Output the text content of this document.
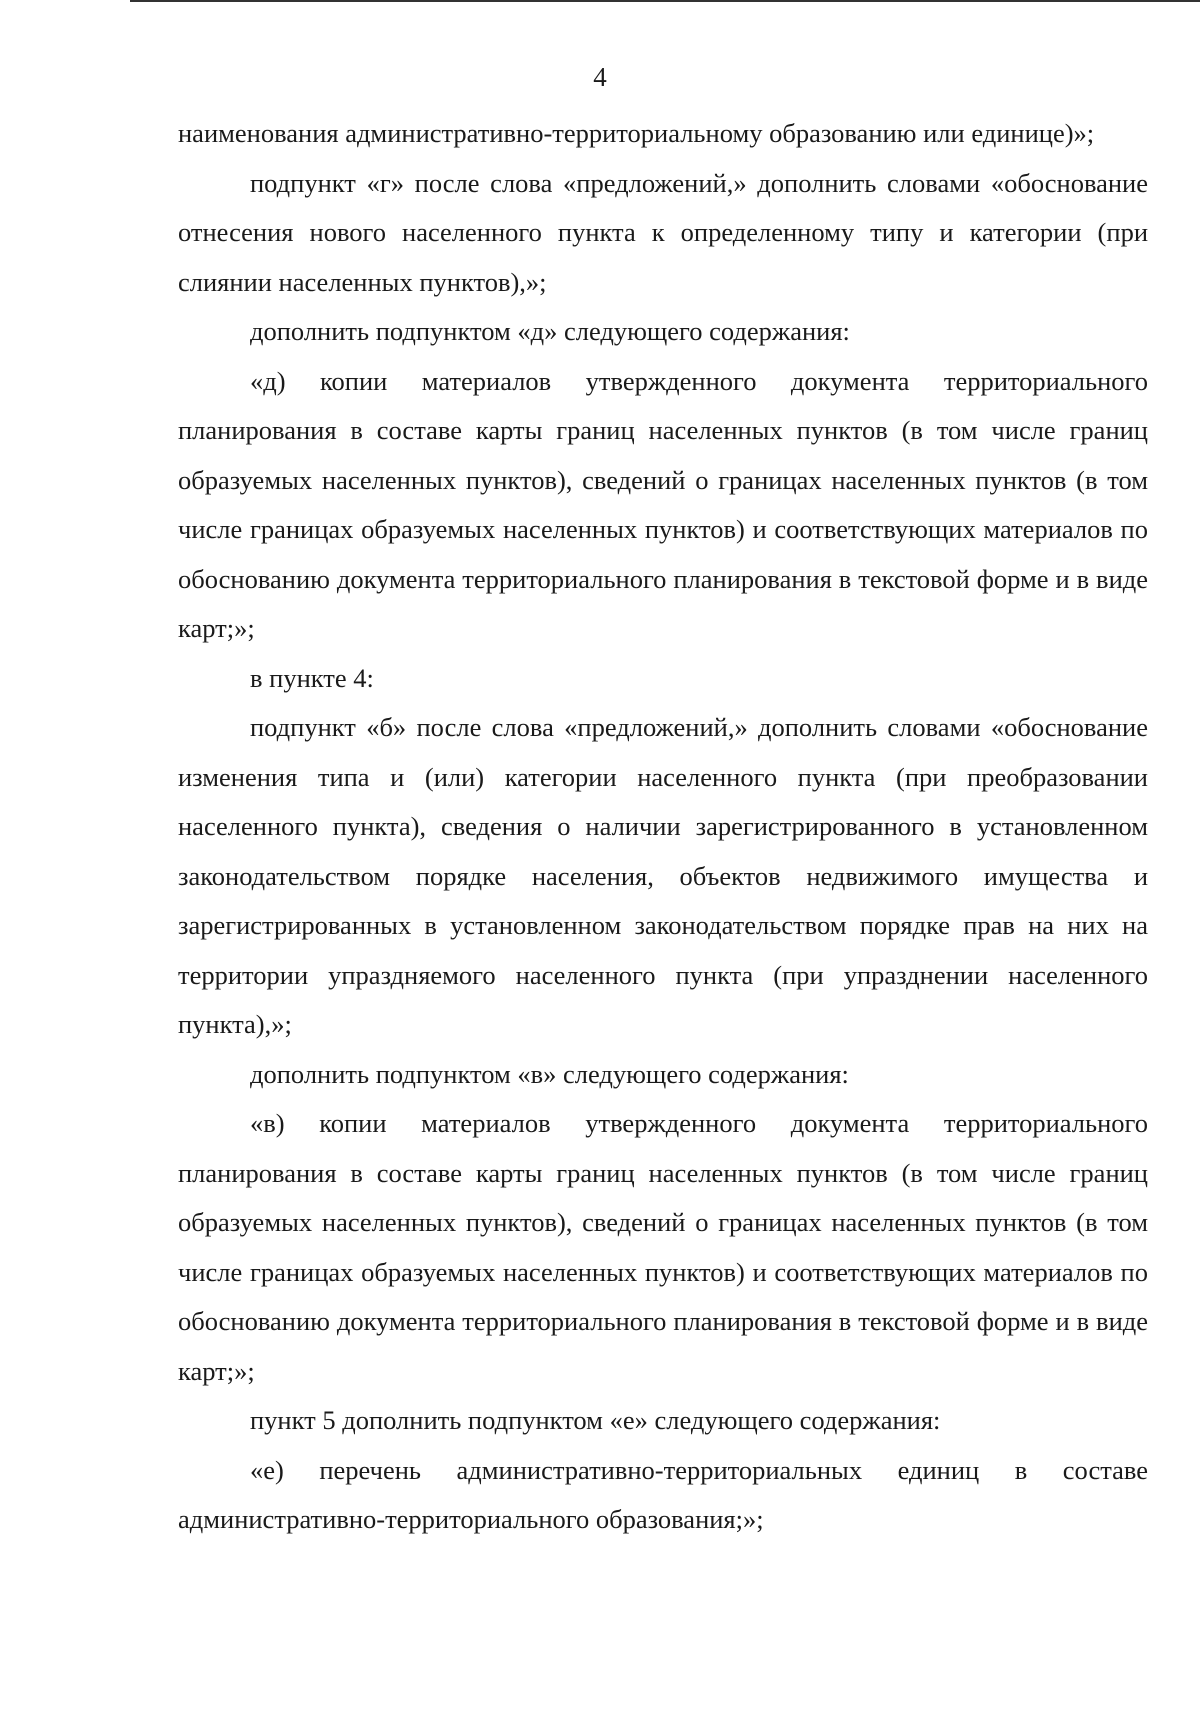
4

наименования административно-территориальному образованию или единице)»;

подпункт «г» после слова «предложений,» дополнить словами «обоснование отнесения нового населенного пункта к определенному типу и категории (при слиянии населенных пунктов),»;

дополнить подпунктом «д» следующего содержания:

«д) копии материалов утвержденного документа территориального планирования в составе карты границ населенных пунктов (в том числе границ образуемых населенных пунктов), сведений о границах населенных пунктов (в том числе границах образуемых населенных пунктов) и соответствующих материалов по обоснованию документа территориального планирования в текстовой форме и в виде карт;»;

в пункте 4:

подпункт «б» после слова «предложений,» дополнить словами «обоснование изменения типа и (или) категории населенного пункта (при преобразовании населенного пункта), сведения о наличии зарегистрированного в установленном законодательством порядке населения, объектов недвижимого имущества и зарегистрированных в установленном законодательством порядке прав на них на территории упраздняемого населенного пункта (при упразднении населенного пункта),»;

дополнить подпунктом «в» следующего содержания:

«в) копии материалов утвержденного документа территориального планирования в составе карты границ населенных пунктов (в том числе границ образуемых населенных пунктов), сведений о границах населенных пунктов (в том числе границах образуемых населенных пунктов) и соответствующих материалов по обоснованию документа территориального планирования в текстовой форме и в виде карт;»;

пункт 5 дополнить подпунктом «е» следующего содержания:

«е) перечень административно-территориальных единиц в составе административно-территориального образования;»;
